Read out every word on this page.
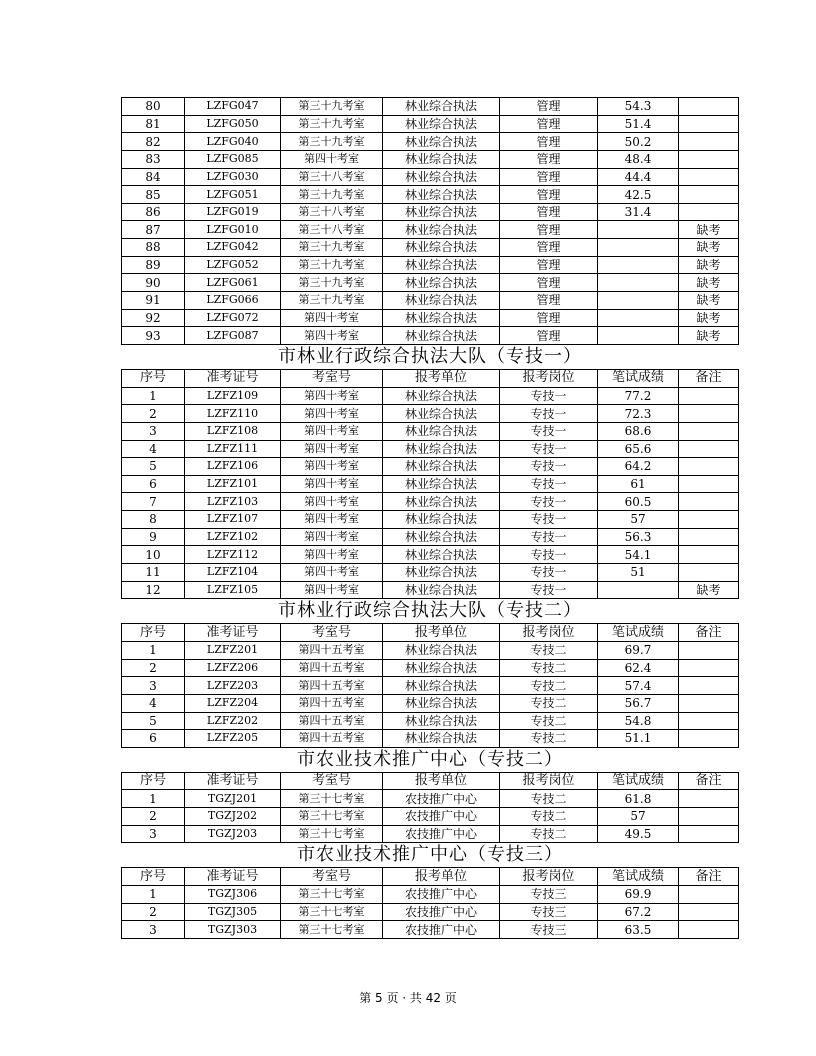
80	LZFG047	第三十九考室	林业综合执法	管理	54.3	
81	LZFG050	第三十九考室	林业综合执法	管理	51.4	
82	LZFG040	第三十九考室	林业综合执法	管理	50.2	
83	LZFG085	第四十考室	林业综合执法	管理	48.4	
84	LZFG030	第三十八考室	林业综合执法	管理	44.4	
85	LZFG051	第三十九考室	林业综合执法	管理	42.5	
86	LZFG019	第三十八考室	林业综合执法	管理	31.4	
87	LZFG010	第三十八考室	林业综合执法	管理		缺考
88	LZFG042	第三十九考室	林业综合执法	管理		缺考
89	LZFG052	第三十九考室	林业综合执法	管理		缺考
90	LZFG061	第三十九考室	林业综合执法	管理		缺考
91	LZFG066	第三十九考室	林业综合执法	管理		缺考
92	LZFG072	第四十考室	林业综合执法	管理		缺考
93	LZFG087	第四十考室	林业综合执法	管理		缺考
市林业行政综合执法大队（专技一）						
序号	准考证号	考室号	报考单位	报考岗位	笔试成绩	备注
1	LZFZ109	第四十考室	林业综合执法	专技一	77.2	
2	LZFZ110	第四十考室	林业综合执法	专技一	72.3	
3	LZFZ108	第四十考室	林业综合执法	专技一	68.6	
4	LZFZ111	第四十考室	林业综合执法	专技一	65.6	
5	LZFZ106	第四十考室	林业综合执法	专技一	64.2	
6	LZFZ101	第四十考室	林业综合执法	专技一	61	
7	LZFZ103	第四十考室	林业综合执法	专技一	60.5	
8	LZFZ107	第四十考室	林业综合执法	专技一	57	
9	LZFZ102	第四十考室	林业综合执法	专技一	56.3	
10	LZFZ112	第四十考室	林业综合执法	专技一	54.1	
11	LZFZ104	第四十考室	林业综合执法	专技一	51	
12	LZFZ105	第四十考室	林业综合执法	专技一		缺考
市林业行政综合执法大队（专技二）						
序号	准考证号	考室号	报考单位	报考岗位	笔试成绩	备注
1	LZFZ201	第四十五考室	林业综合执法	专技二	69.7	
2	LZFZ206	第四十五考室	林业综合执法	专技二	62.4	
3	LZFZ203	第四十五考室	林业综合执法	专技二	57.4	
4	LZFZ204	第四十五考室	林业综合执法	专技二	56.7	
5	LZFZ202	第四十五考室	林业综合执法	专技二	54.8	
6	LZFZ205	第四十五考室	林业综合执法	专技二	51.1	
市农业技术推广中心（专技二）						
序号	准考证号	考室号	报考单位	报考岗位	笔试成绩	备注
1	TGZJ201	第三十七考室	农技推广中心	专技二	61.8	
2	TGZJ202	第三十七考室	农技推广中心	专技二	57	
3	TGZJ203	第三十七考室	农技推广中心	专技二	49.5	
市农业技术推广中心（专技三）						
序号	准考证号	考室号	报考单位	报考岗位	笔试成绩	备注
1	TGZJ306	第三十七考室	农技推广中心	专技三	69.9	
2	TGZJ305	第三十七考室	农技推广中心	专技三	67.2	
3	TGZJ303	第三十七考室	农技推广中心	专技三	63.5	
第 5 页 · 共 42 页
